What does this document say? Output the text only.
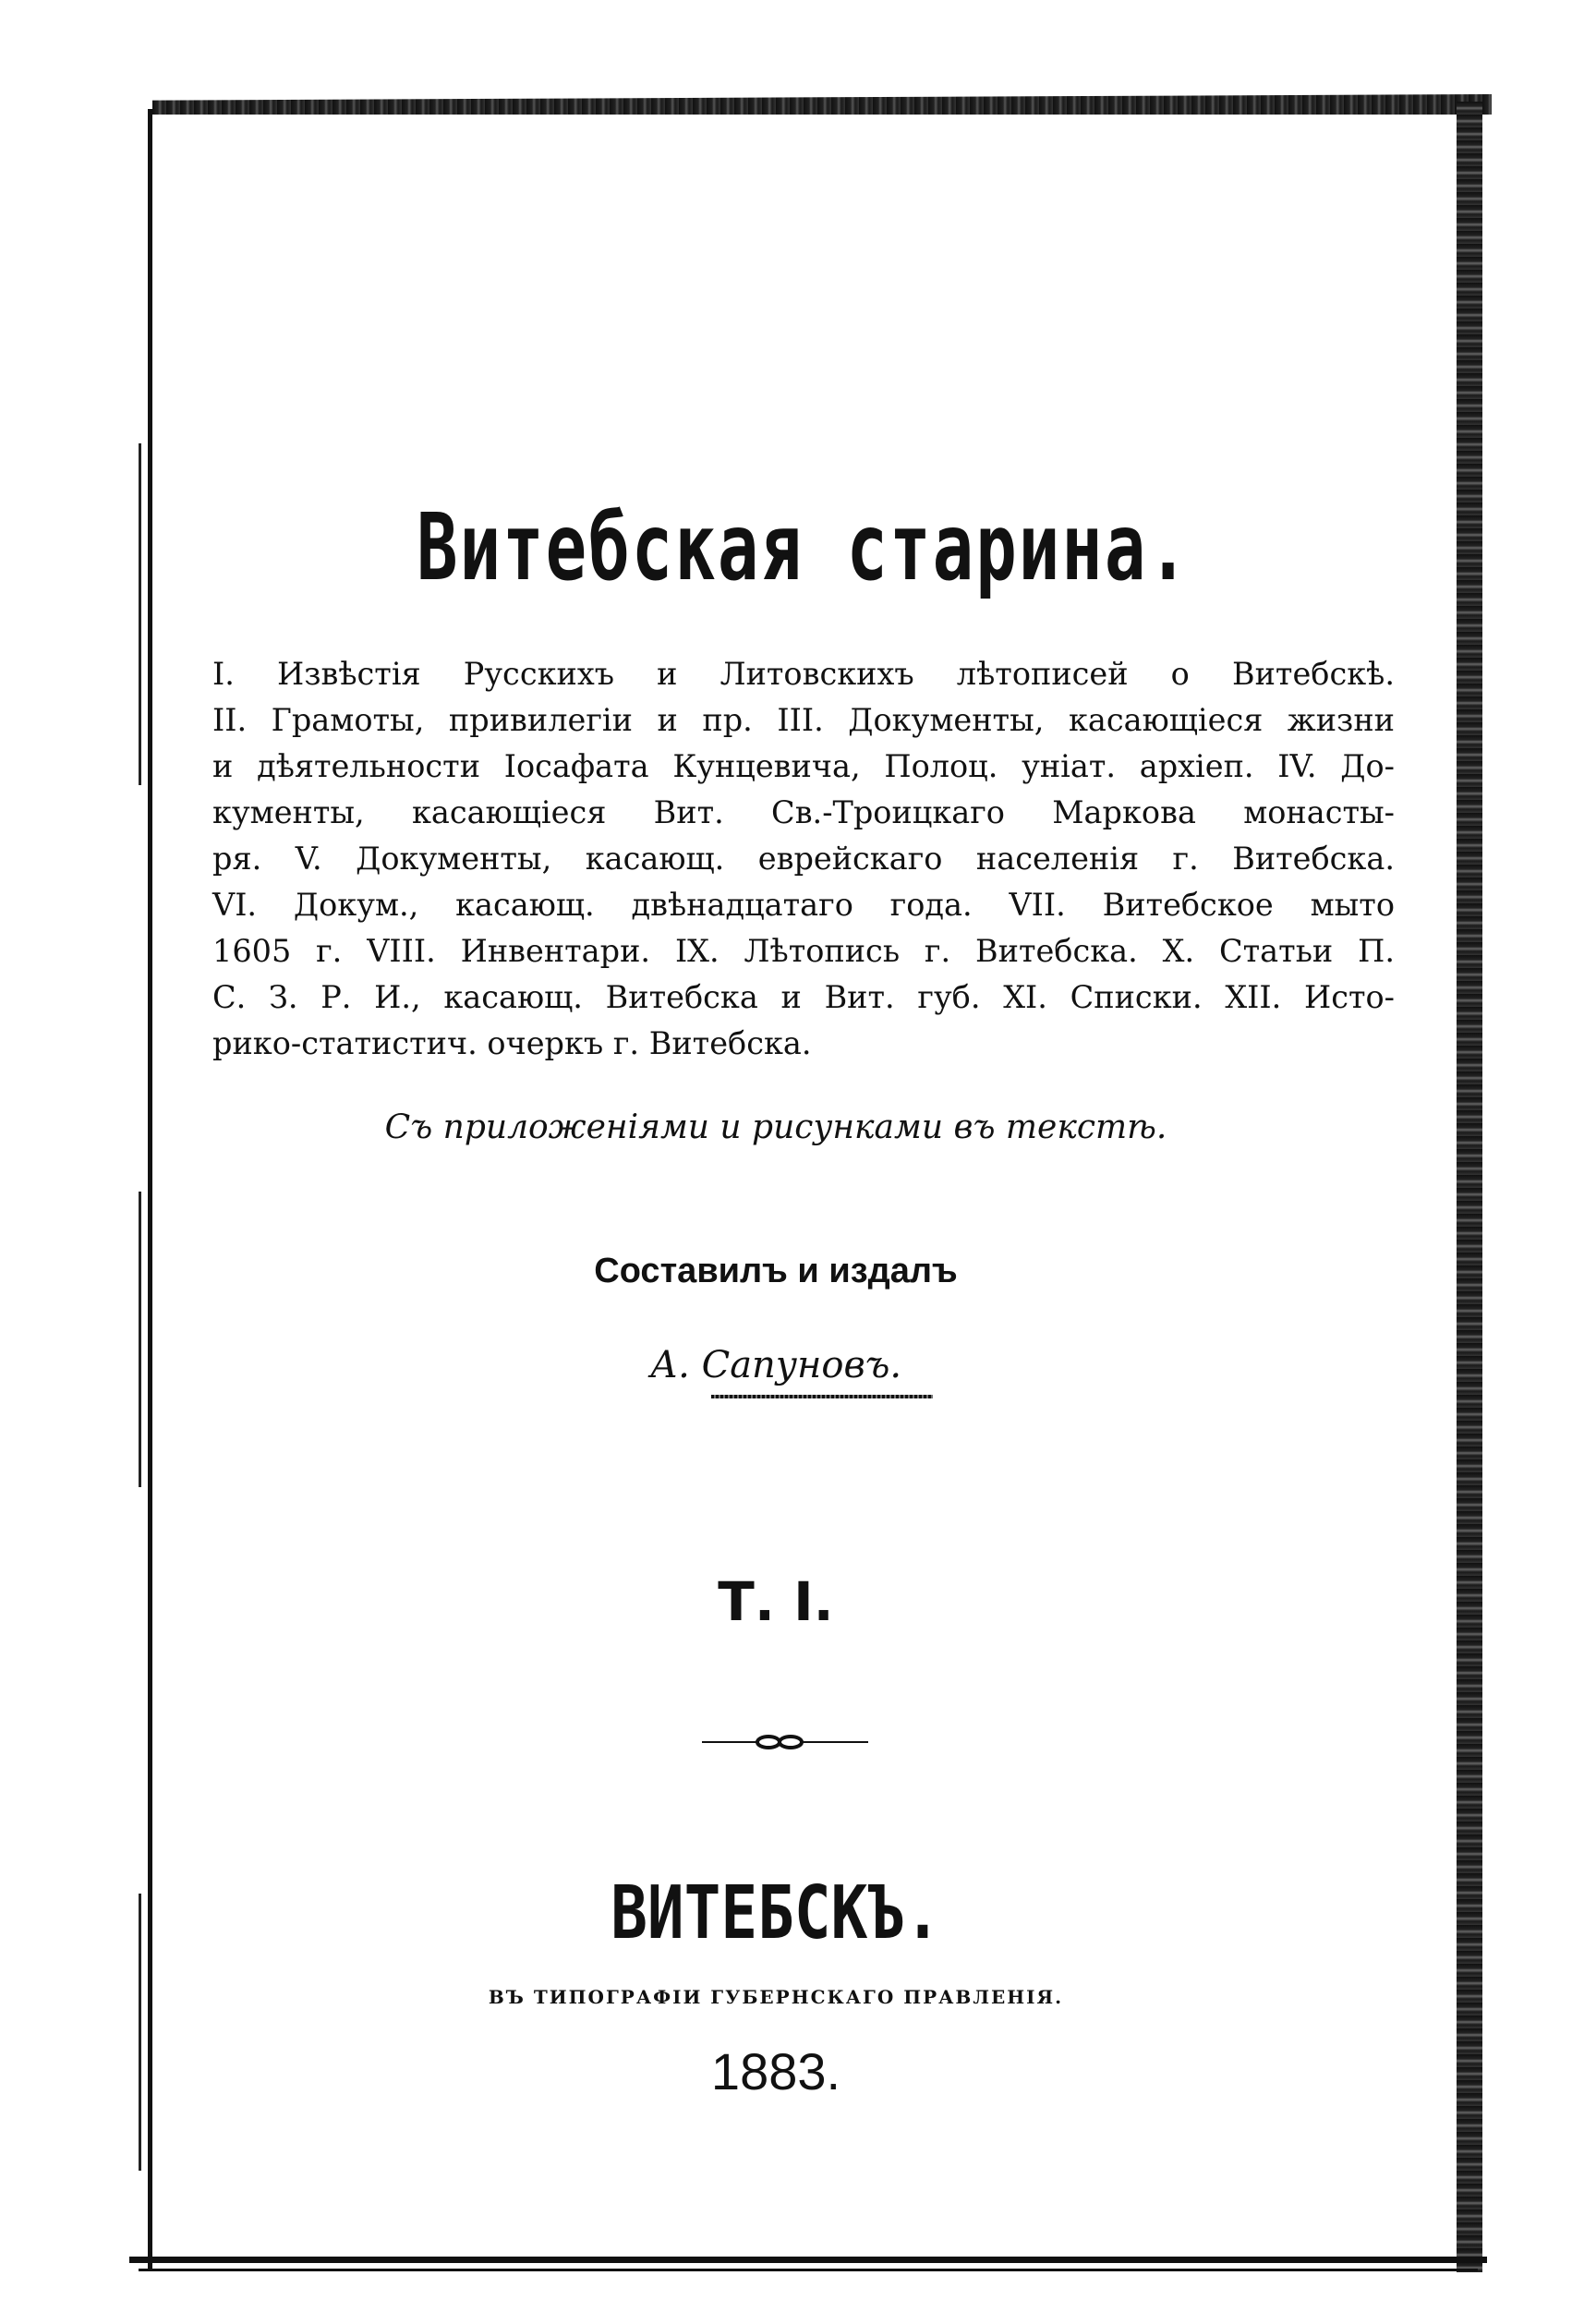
Витебская старина.
I. Извѣстія Русскихъ и Литовскихъ лѣтописей о Витебскѣ.
II. Грамоты, привилегіи и пр. III. Документы, касающіеся жизни
и дѣятельности Іосафата Кунцевича, Полоц. уніат. архіеп. IV. До-
кументы, касающіеся Вит. Св.-Троицкаго Маркова монасты-
ря. V. Документы, касающ. еврейскаго населенія г. Витебска.
VI. Докум., касающ. двѣнадцатаго года. VII. Витебское мыто
1605 г. VIII. Инвентари. IX. Лѣтопись г. Витебска. X. Статьи П.
С. З. Р. И., касающ. Витебска и Вит. губ. XI. Списки. XII. Исто-
рико-статистич. очеркъ г. Витебска.
Съ приложеніями и рисунками въ текстѣ.
Составилъ и издалъ
А. Сапуновъ.
Т. I.
ВИТЕБСКЪ.
ВЪ ТИПОГРАФІИ ГУБЕРНСКАГО ПРАВЛЕНІЯ.
1883.
